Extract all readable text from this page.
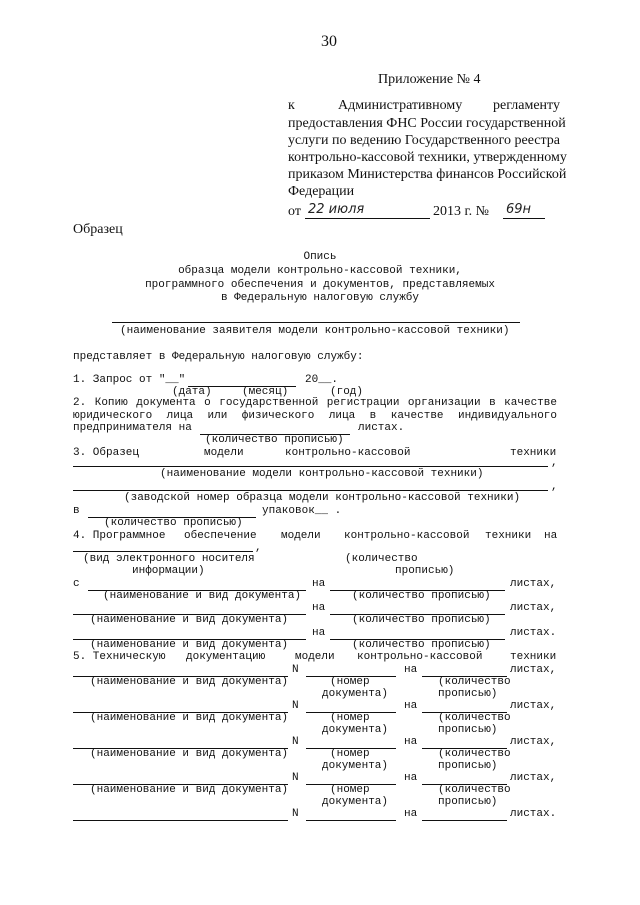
30
Приложение № 4
к	Административному регламенту
предоставления ФНС России государственной
услуги по ведению Государственного реестра
контрольно-кассовой техники, утвержденному
приказом Министерства финансов Российской
Федерации
от 22 июля	2013 г. № 69н
Образец
Опись
образца модели контрольно-кассовой техники,
программного обеспечения и документов, представляемых
в Федеральную налоговую службу
(наименование заявителя модели контрольно-кассовой техники)
представляет в Федеральную налоговую службу:
1. Запрос от "__"	20__.
(дата)	(месяц)	(год)
2. Копию документа о государственной регистрации организации в качестве
юридического лица или физического лица в качестве индивидуального
предпринимателя на	листах.
(количество прописью)
3. Образец	модели	контрольно-кассовой	техники
,
(наименование модели контрольно-кассовой техники)
,
(заводской номер образца модели контрольно-кассовой техники)
в	упаковок__ .
(количество прописью)
4. Программное обеспечение модели контрольно-кассовой техники на
,
(вид электронного носителя	(количество
информации)	прописью)
с	на	листах,
(наименование и вид документа)	(количество прописью)
на	листах,
(наименование и вид документа)	(количество прописью)
на	листах.
(наименование и вид документа)	(количество прописью)
5. Техническую документацию	модели контрольно-кассовой	техники
N	на	листах,
(наименование и вид документа)	(номер
документа)
(количество
прописью)
N	на	листах,
(наименование и вид документа)	(номер
документа)
(количество
прописью)
N	на	листах,
(наименование и вид документа)	(номер
документа)
(количество
прописью)
N	на	листах,
(наименование и вид документа)	(номер
документа)
(количество
прописью)
N	на	листах.
